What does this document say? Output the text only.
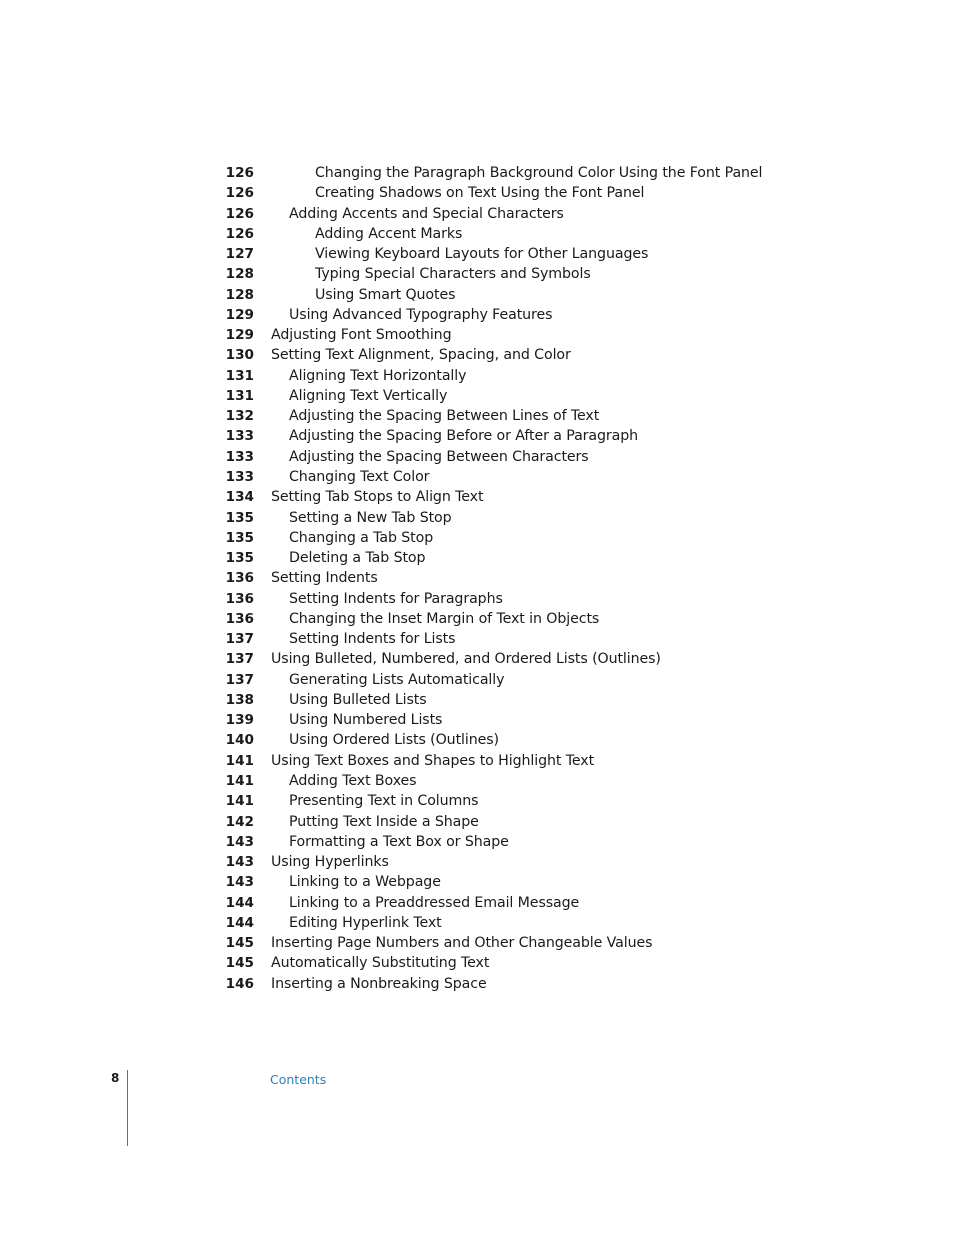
126	Changing the Paragraph Background Color Using the Font Panel
126	Creating Shadows on Text Using the Font Panel
126 Adding Accents and Special Characters
126	Adding Accent Marks
127	Viewing Keyboard Layouts for Other Languages
128	Typing Special Characters and Symbols
128	Using Smart Quotes
129 Using Advanced Typography Features
129 Adjusting Font Smoothing
130 Setting Text Alignment, Spacing, and Color
131 Aligning Text Horizontally
131 Aligning Text Vertically
132 Adjusting the Spacing Between Lines of Text
133 Adjusting the Spacing Before or After a Paragraph
133 Adjusting the Spacing Between Characters
133 Changing Text Color
134 Setting Tab Stops to Align Text
135 Setting a New Tab Stop
135 Changing a Tab Stop
135 Deleting a Tab Stop
136 Setting Indents
136 Setting Indents for Paragraphs
136 Changing the Inset Margin of Text in Objects
137 Setting Indents for Lists
137 Using Bulleted, Numbered, and Ordered Lists (Outlines)
137 Generating Lists Automatically
138 Using Bulleted Lists
139 Using Numbered Lists
140 Using Ordered Lists (Outlines)
141 Using Text Boxes and Shapes to Highlight Text
141 Adding Text Boxes
141 Presenting Text in Columns
142 Putting Text Inside a Shape
143 Formatting a Text Box or Shape
143 Using Hyperlinks
143 Linking to a Webpage
144 Linking to a Preaddressed Email Message
144 Editing Hyperlink Text
145 Inserting Page Numbers and Other Changeable Values
145 Automatically Substituting Text
146 Inserting a Nonbreaking Space
8	Contents
